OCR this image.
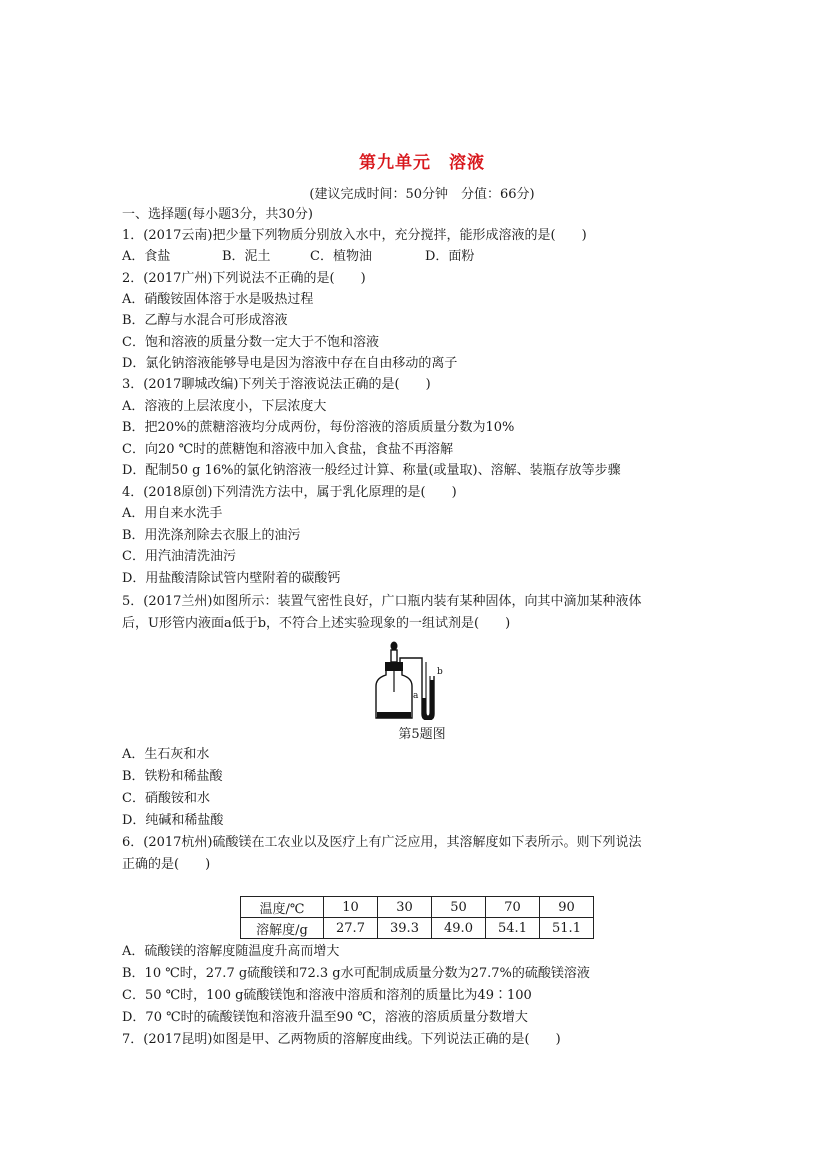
第九单元 溶液
(建议完成时间：50分钟　分值：66分)
一、选择题(每小题3分，共30分)
1．(2017云南)把少量下列物质分别放入水中，充分搅拌，能形成溶液的是(　　)
A．食盐	B．泥土	C．植物油	D．面粉
2．(2017广州)下列说法不正确的是(　　)
A．硝酸铵固体溶于水是吸热过程
B．乙醇与水混合可形成溶液
C．饱和溶液的质量分数一定大于不饱和溶液
D．氯化钠溶液能够导电是因为溶液中存在自由移动的离子
3．(2017聊城改编)下列关于溶液说法正确的是(　　)
A．溶液的上层浓度小，下层浓度大
B．把20%的蔗糖溶液均分成两份，每份溶液的溶质质量分数为10%
C．向20 ℃时的蔗糖饱和溶液中加入食盐，食盐不再溶解
D．配制50 g 16%的氯化钠溶液一般经过计算、称量(或量取)、溶解、装瓶存放等步骤
4．(2018原创)下列清洗方法中，属于乳化原理的是(　　)
A．用自来水洗手
B．用洗涤剂除去衣服上的油污
C．用汽油清洗油污
D．用盐酸清除试管内壁附着的碳酸钙
5．(2017兰州)如图所示：装置气密性良好，广口瓶内装有某种固体，向其中滴加某种液体
后，U形管内液面a低于b，不符合上述实验现象的一组试剂是(　　)
a
b
第5题图
A．生石灰和水
B．铁粉和稀盐酸
C．硝酸铵和水
D．纯碱和稀盐酸
6．(2017杭州)硫酸镁在工农业以及医疗上有广泛应用，其溶解度如下表所示。则下列说法
正确的是(　　)
温度/℃	10	30	50	70	90
溶解度/g	27.7	39.3	49.0	54.1	51.1
A．硫酸镁的溶解度随温度升高而增大
B．10 ℃时，27.7 g硫酸镁和72.3 g水可配制成质量分数为27.7%的硫酸镁溶液
C．50 ℃时，100 g硫酸镁饱和溶液中溶质和溶剂的质量比为49∶100
D．70 ℃时的硫酸镁饱和溶液升温至90 ℃，溶液的溶质质量分数增大
7．(2017昆明)如图是甲、乙两物质的溶解度曲线。下列说法正确的是(　　)
